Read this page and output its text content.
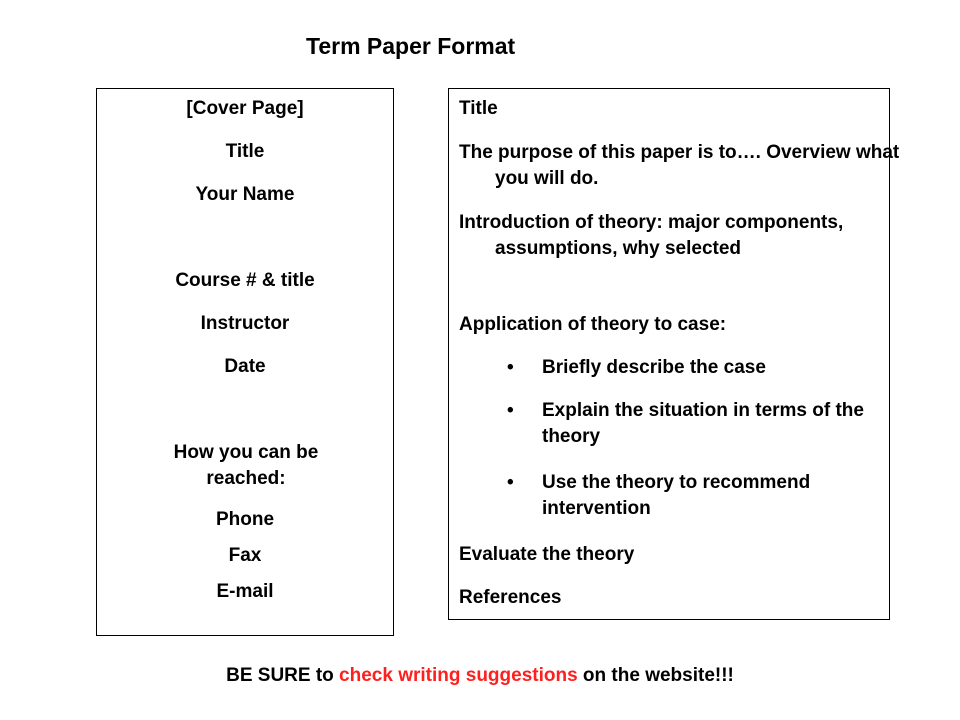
Term Paper Format

[Cover Page]

Title

Your Name

Course # & title

Instructor

Date

How you can be reached:

Phone

Fax

E-mail

Title

The purpose of this paper is to…. Overview what you will do.

Introduction of theory: major components, assumptions, why selected

Application of theory to case:

• Briefly describe the case
• Explain the situation in terms of the theory
• Use the theory to recommend intervention

Evaluate the theory

References

BE SURE to check writing suggestions on the website!!!
